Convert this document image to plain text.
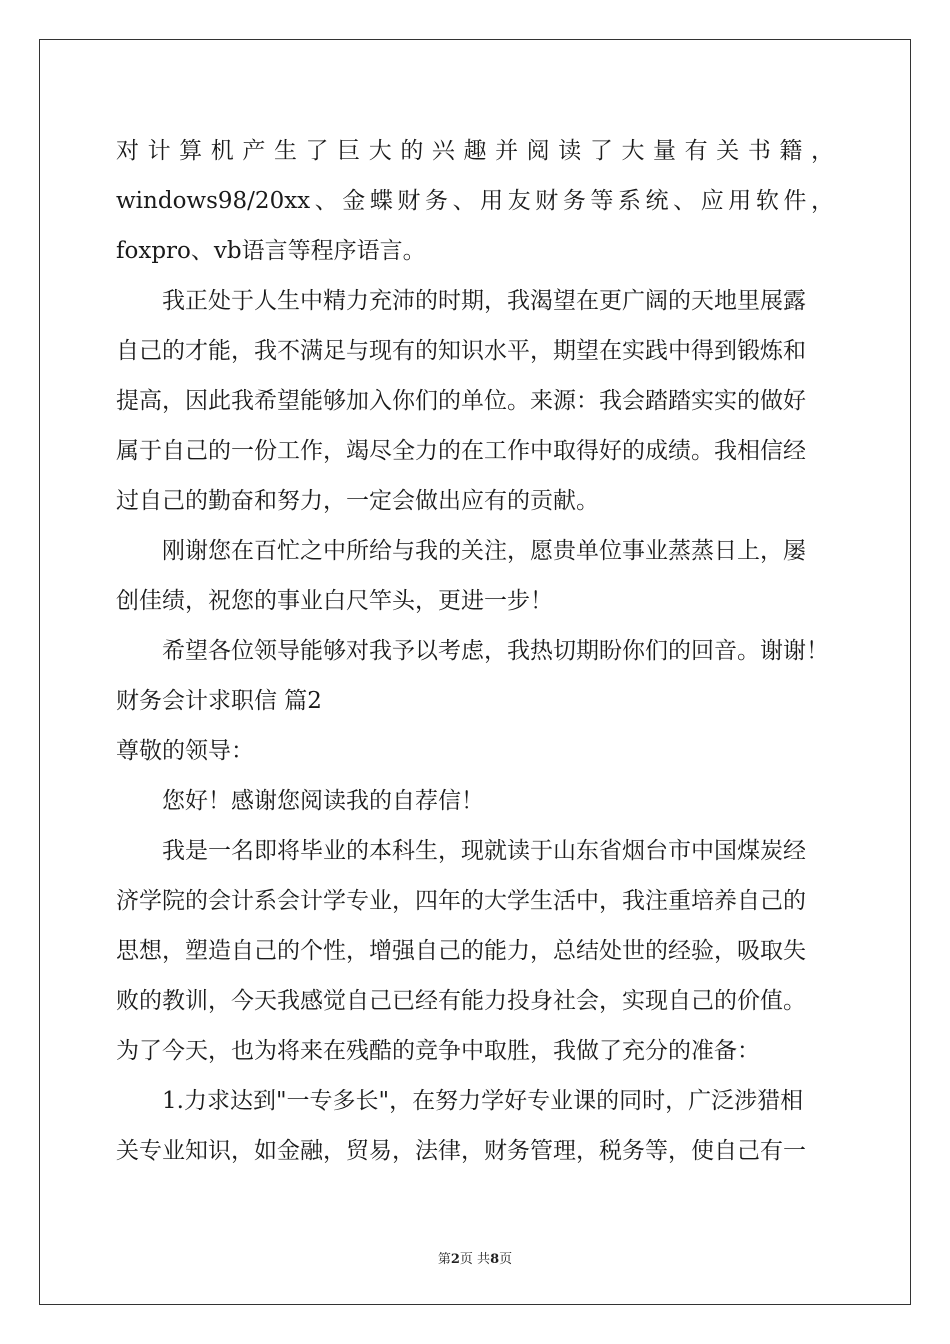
对计算机产生了巨大的兴趣并阅读了大量有关书籍，
windows98/20xx、金蝶财务、用友财务等系统、应用软件，
foxpro、vb语言等程序语言。
我正处于人生中精力充沛的时期，我渴望在更广阔的天地里展露
自己的才能，我不满足与现有的知识水平，期望在实践中得到锻炼和
提高，因此我希望能够加入你们的单位。来源：我会踏踏实实的做好
属于自己的一份工作，竭尽全力的在工作中取得好的成绩。我相信经
过自己的勤奋和努力，一定会做出应有的贡献。
刚谢您在百忙之中所给与我的关注，愿贵单位事业蒸蒸日上，屡
创佳绩，祝您的事业白尺竿头，更进一步！
希望各位领导能够对我予以考虑，我热切期盼你们的回音。谢谢！
财务会计求职信 篇2
尊敬的领导：
您好！感谢您阅读我的自荐信！
我是一名即将毕业的本科生，现就读于山东省烟台市中国煤炭经
济学院的会计系会计学专业，四年的大学生活中，我注重培养自己的
思想，塑造自己的个性，增强自己的能力，总结处世的经验，吸取失
败的教训，今天我感觉自己已经有能力投身社会，实现自己的价值。
为了今天，也为将来在残酷的竞争中取胜，我做了充分的准备：
1.力求达到"一专多长"，在努力学好专业课的同时，广泛涉猎相
关专业知识，如金融，贸易，法律，财务管理，税务等，使自己有一
第2页 共8页
